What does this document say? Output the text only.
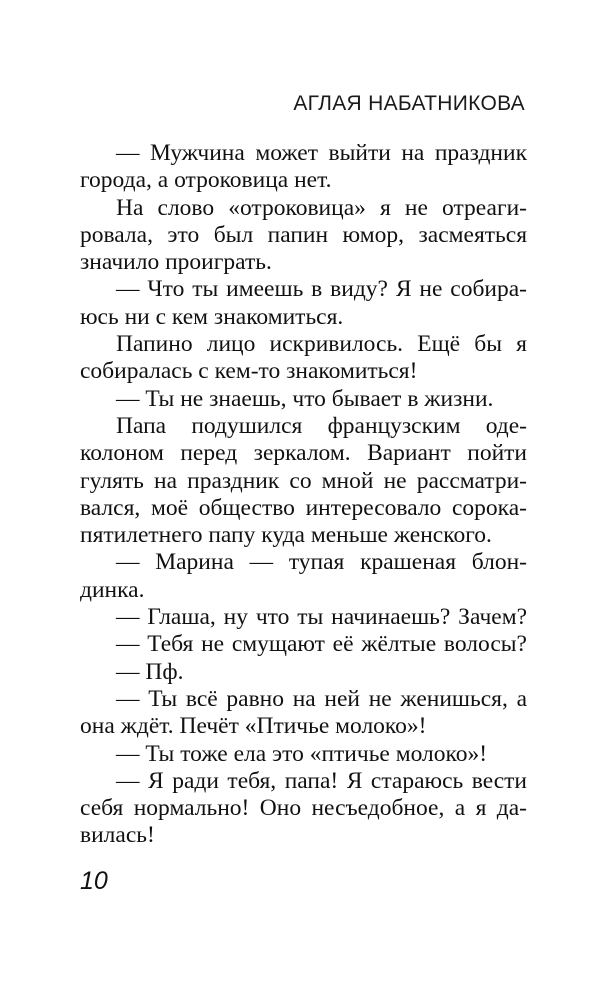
АГЛАЯ НАБАТНИКОВА
— Мужчина может выйти на праздник
города, а отроковица нет.
На слово «отроковица» я не отреаги-
ровала, это был папин юмор, засмеяться
значило проиграть.
— Что ты имеешь в виду? Я не собира-
юсь ни с кем знакомиться.
Папино лицо искривилось. Ещё бы я
собиралась с кем-то знакомиться!
— Ты не знаешь, что бывает в жизни.
Папа подушился французским оде-
колоном перед зеркалом. Вариант пойти
гулять на праздник со мной не рассматри-
вался, моё общество интересовало сорока-
пятилетнего папу куда меньше женского.
— Марина — тупая крашеная блон-
динка.
— Глаша, ну что ты начинаешь? Зачем?
— Тебя не смущают её жёлтые волосы?
— Пф.
— Ты всё равно на ней не женишься, а
она ждёт. Печёт «Птичье молоко»!
— Ты тоже ела это «птичье молоко»!
— Я ради тебя, папа! Я стараюсь вести
себя нормально! Оно несъедобное, а я да-
вилась!
10
